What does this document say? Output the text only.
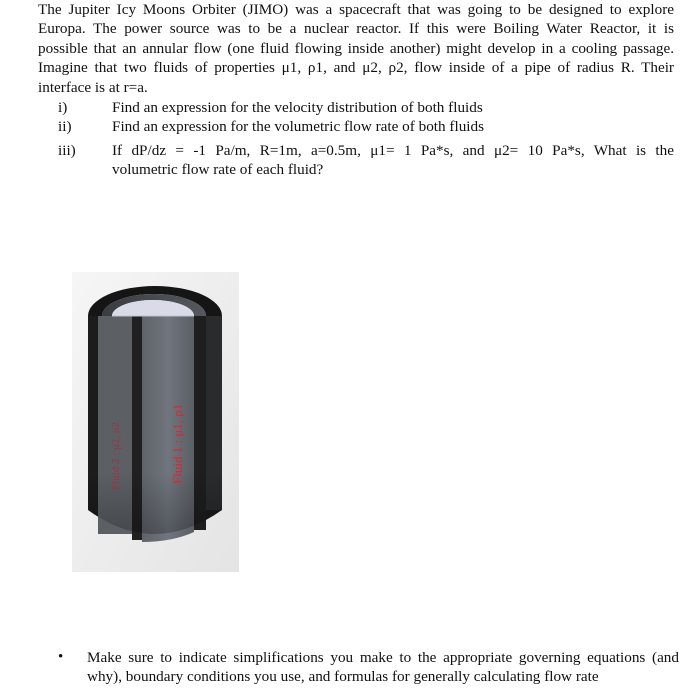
The Jupiter Icy Moons Orbiter (JIMO) was a spacecraft that was going to be designed to explore
Europa. The power source was to be a nuclear reactor. If this were Boiling Water Reactor, it is
possible that an annular flow (one fluid flowing inside another) might develop in a cooling passage.
Imagine that two fluids of properties μ1, ρ1, and μ2, ρ2, flow inside of a pipe of radius R. Their
interface is at r=a.
i)	Find an expression for the velocity distribution of both fluids
ii)	Find an expression for the volumetric flow rate of both fluids
iii) If dP/dz = -1 Pa/m, R=1m, a=0.5m, μ1= 1 Pa*s, and μ2= 10 Pa*s, What is the
volumetric flow rate of each fluid?
Fluid 1 : μ1, ρ1
Fluid 2 : μ2, ρ2
• Make sure to indicate simplifications you make to the appropriate governing equations (and
why), boundary conditions you use, and formulas for generally calculating flow rate
